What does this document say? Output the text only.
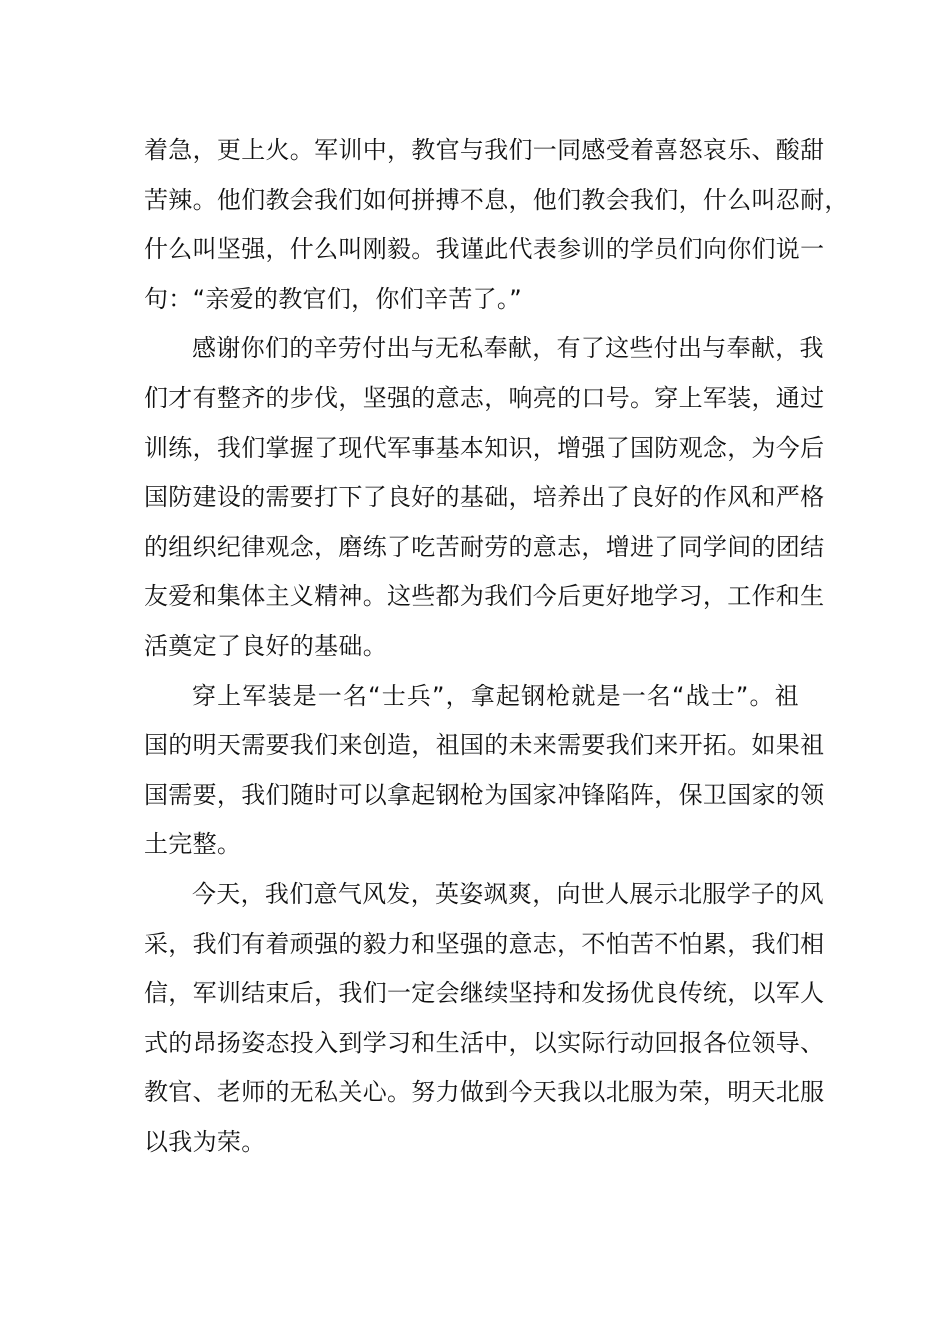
着急，更上火。军训中，教官与我们一同感受着喜怒哀乐、酸甜
苦辣。他们教会我们如何拼搏不息，他们教会我们，什么叫忍耐，
什么叫坚强，什么叫刚毅。我谨此代表参训的学员们向你们说一
句：“亲爱的教官们，你们辛苦了。”
感谢你们的辛劳付出与无私奉献，有了这些付出与奉献，我
们才有整齐的步伐，坚强的意志，响亮的口号。穿上军装，通过
训练，我们掌握了现代军事基本知识，增强了国防观念，为今后
国防建设的需要打下了良好的基础，培养出了良好的作风和严格
的组织纪律观念，磨练了吃苦耐劳的意志，增进了同学间的团结
友爱和集体主义精神。这些都为我们今后更好地学习，工作和生
活奠定了良好的基础。
穿上军装是一名“士兵”，拿起钢枪就是一名“战士”。祖
国的明天需要我们来创造，祖国的未来需要我们来开拓。如果祖
国需要，我们随时可以拿起钢枪为国家冲锋陷阵，保卫国家的领
土完整。
今天，我们意气风发，英姿飒爽，向世人展示北服学子的风
采，我们有着顽强的毅力和坚强的意志，不怕苦不怕累，我们相
信，军训结束后，我们一定会继续坚持和发扬优良传统，以军人
式的昂扬姿态投入到学习和生活中，以实际行动回报各位领导、
教官、老师的无私关心。努力做到今天我以北服为荣，明天北服
以我为荣。
